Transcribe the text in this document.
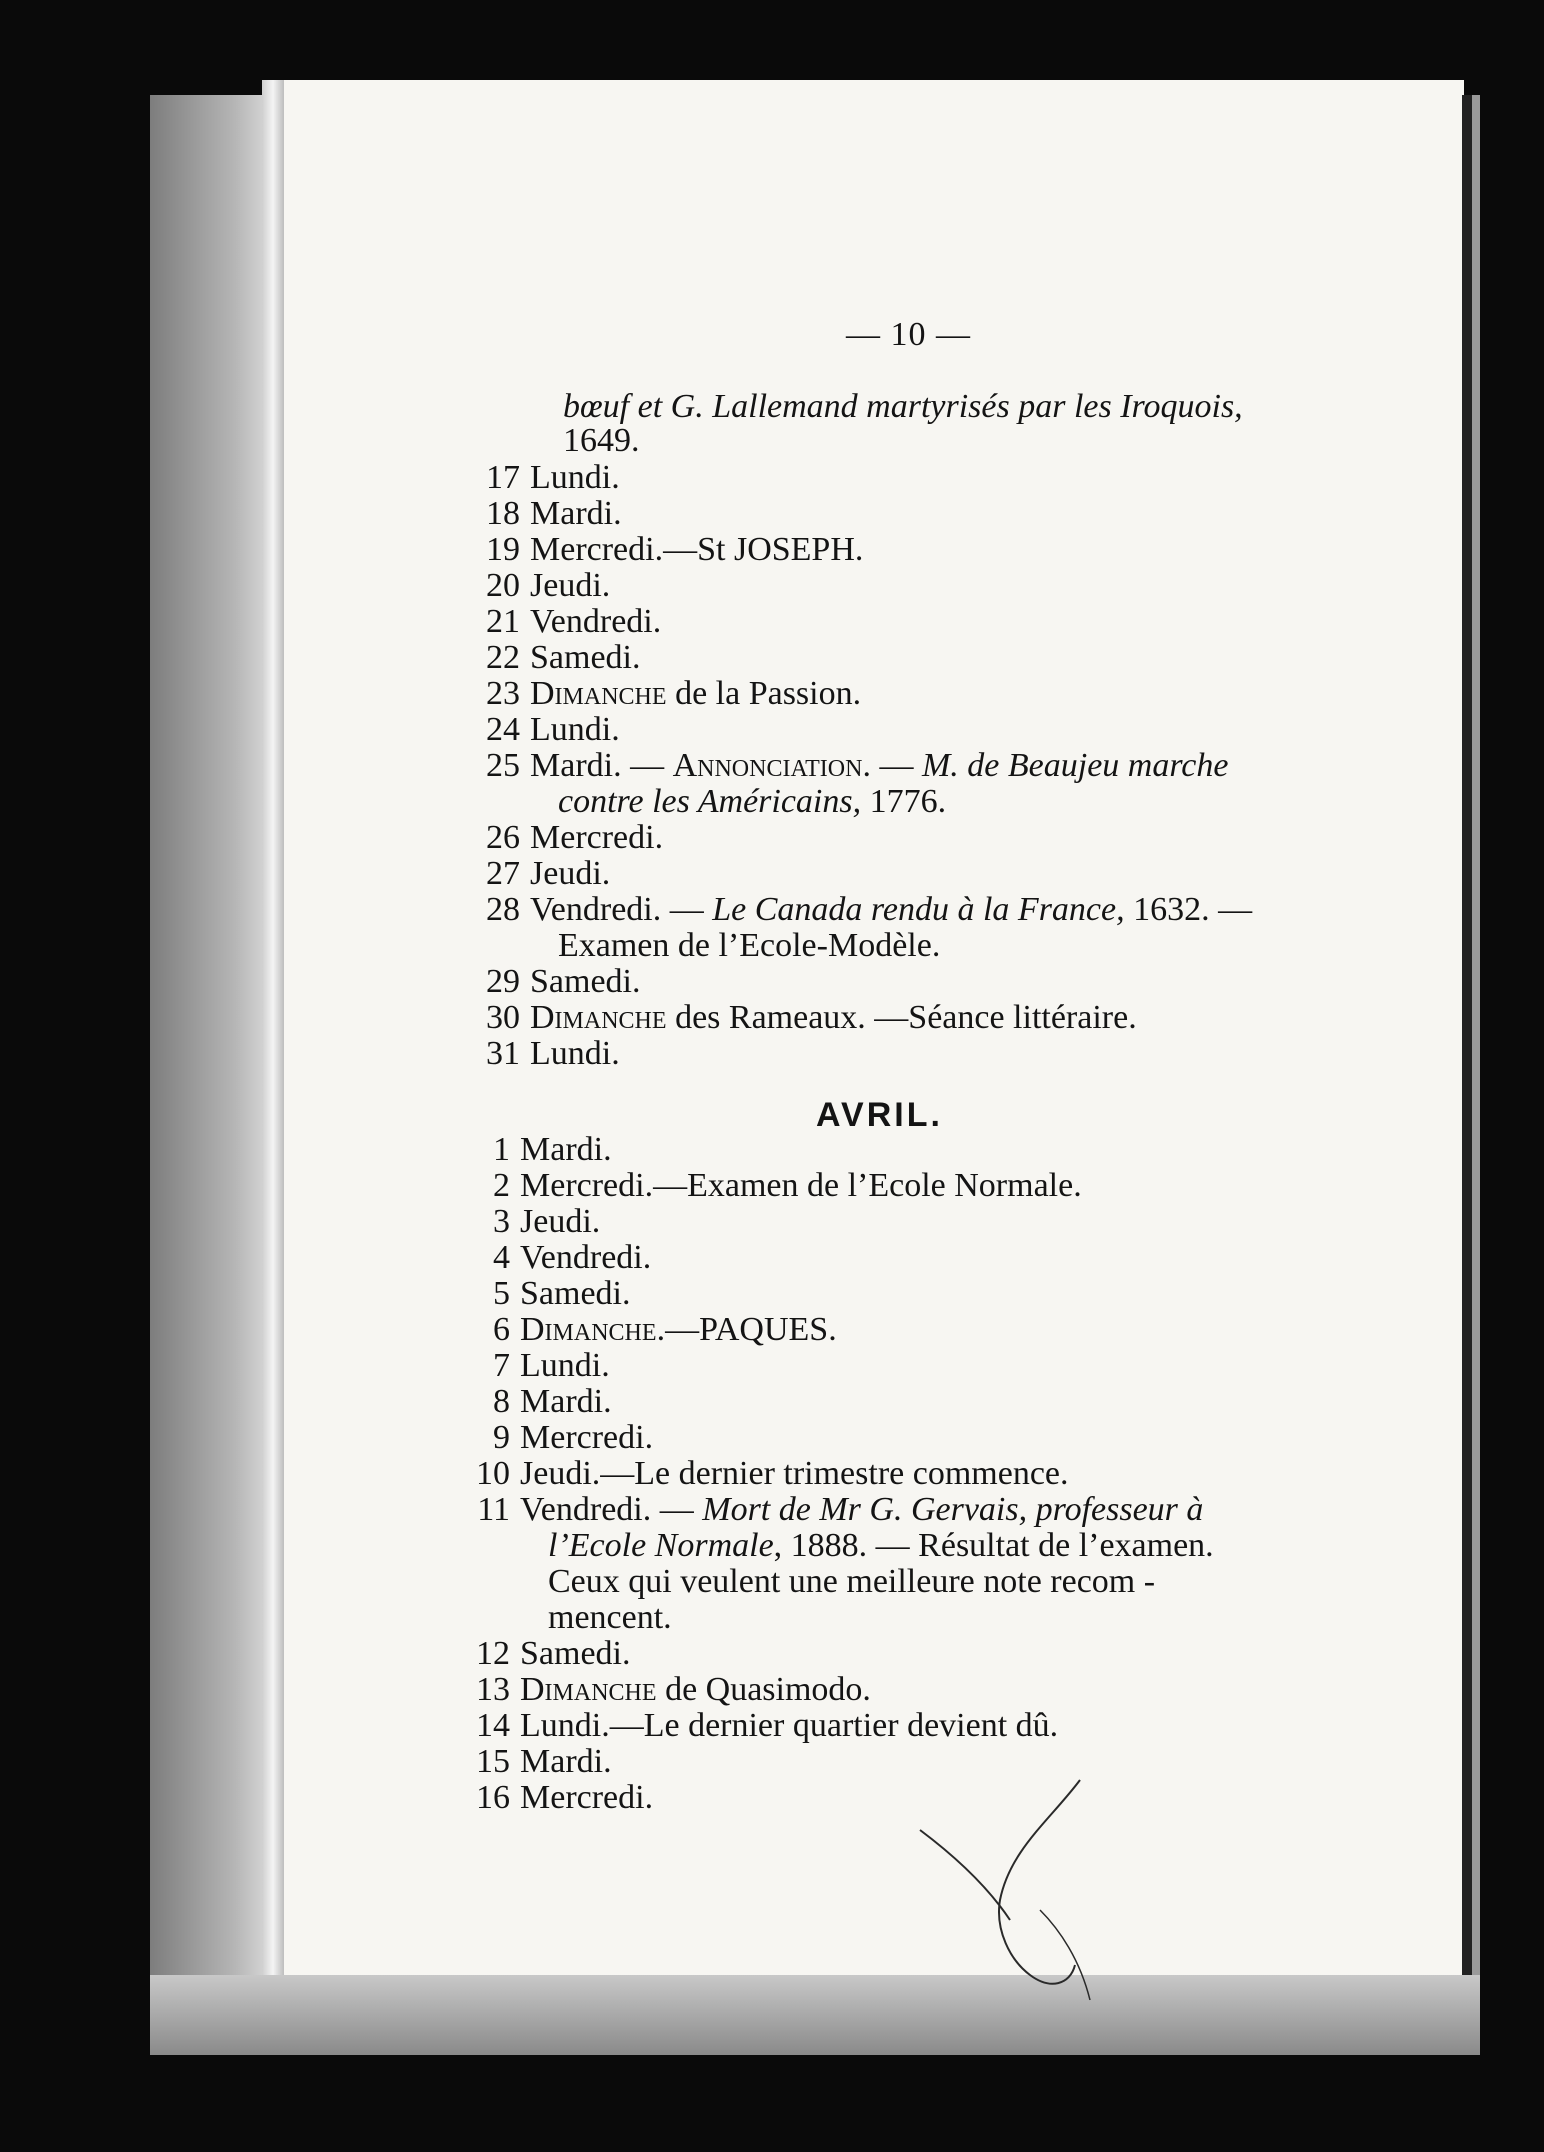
— 10 —
bœuf et G. Lallemand martyrisés par les Iroquois,
1649.
17 Lundi.
18 Mardi.
19 Mercredi.—St JOSEPH.
20 Jeudi.
21 Vendredi.
22 Samedi.
23 Dimanche de la Passion.
24 Lundi.
25 Mardi. — Annonciation. — M. de Beaujeu marche
contre les Américains, 1776.
26 Mercredi.
27 Jeudi.
28 Vendredi. — Le Canada rendu à la France, 1632. —
Examen de l’Ecole-Modèle.
29 Samedi.
30 Dimanche des Rameaux. —Séance littéraire.
31 Lundi.
AVRIL.
1 Mardi.
2 Mercredi.—Examen de l’Ecole Normale.
3 Jeudi.
4 Vendredi.
5 Samedi.
6 Dimanche.—PAQUES.
7 Lundi.
8 Mardi.
9 Mercredi.
10 Jeudi.—Le dernier trimestre commence.
11 Vendredi. — Mort de Mr G. Gervais, professeur à
l’Ecole Normale, 1888. — Résultat de l’examen.
Ceux qui veulent une meilleure note recom -
mencent.
12 Samedi.
13 Dimanche de Quasimodo.
14 Lundi.—Le dernier quartier devient dû.
15 Mardi.
16 Mercredi.
